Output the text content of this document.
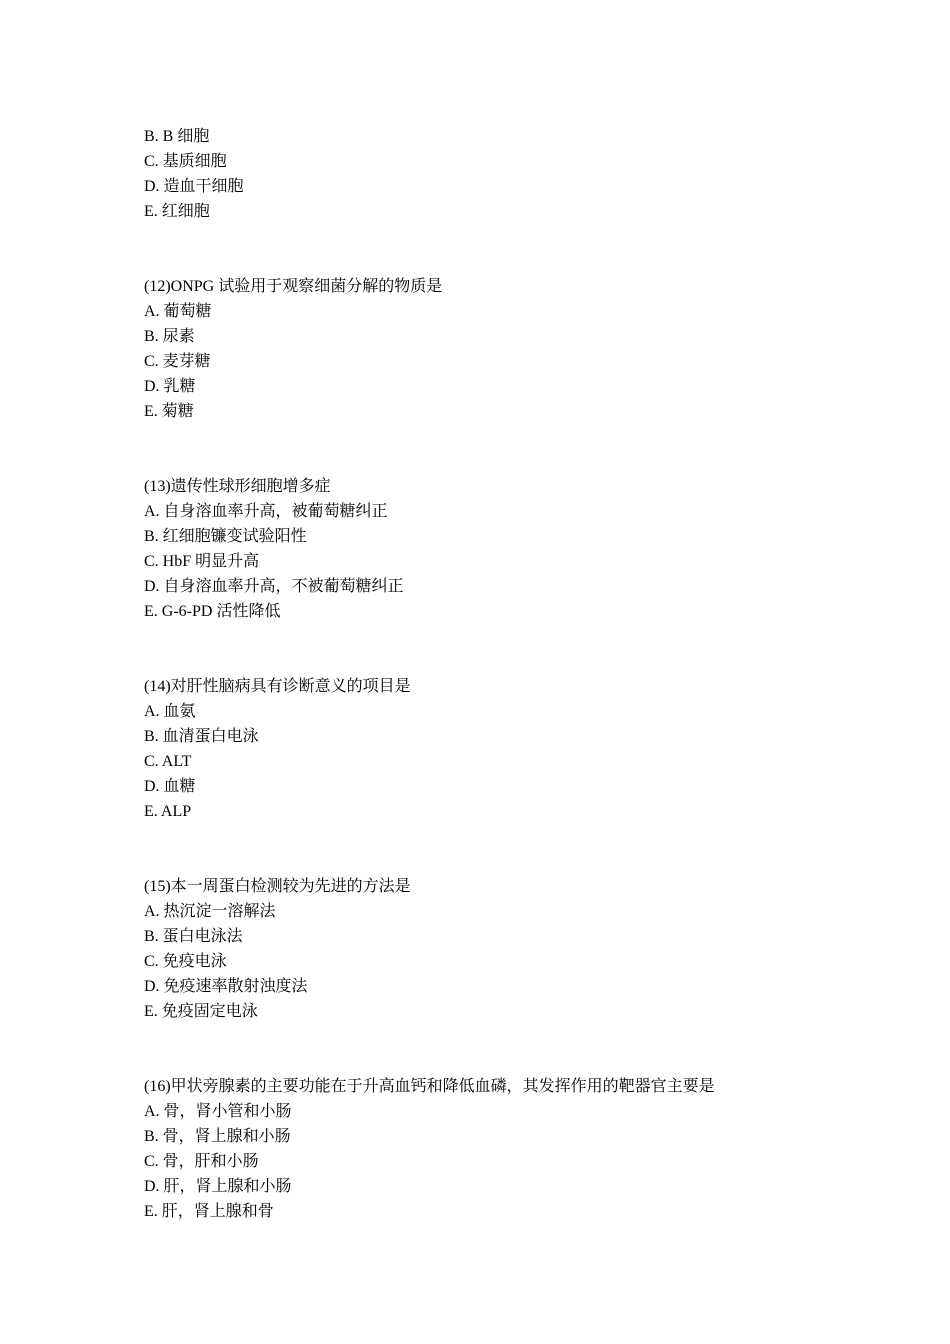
B. B 细胞
C. 基质细胞
D. 造血干细胞
E. 红细胞
(12)ONPG 试验用于观察细菌分解的物质是
A. 葡萄糖
B. 尿素
C. 麦芽糖
D. 乳糖
E. 菊糖
(13)遗传性球形细胞增多症
A. 自身溶血率升高，被葡萄糖纠正
B. 红细胞镰变试验阳性
C. HbF 明显升高
D. 自身溶血率升高，不被葡萄糖纠正
E. G-6-PD 活性降低
(14)对肝性脑病具有诊断意义的项目是
A. 血氨
B. 血清蛋白电泳
C. ALT
D. 血糖
E. ALP
(15)本一周蛋白检测较为先进的方法是
A. 热沉淀一溶解法
B. 蛋白电泳法
C. 免疫电泳
D. 免疫速率散射浊度法
E. 免疫固定电泳
(16)甲状旁腺素的主要功能在于升高血钙和降低血磷，其发挥作用的靶器官主要是
A. 骨，肾小管和小肠
B. 骨，肾上腺和小肠
C. 骨，肝和小肠
D. 肝，肾上腺和小肠
E. 肝，肾上腺和骨
